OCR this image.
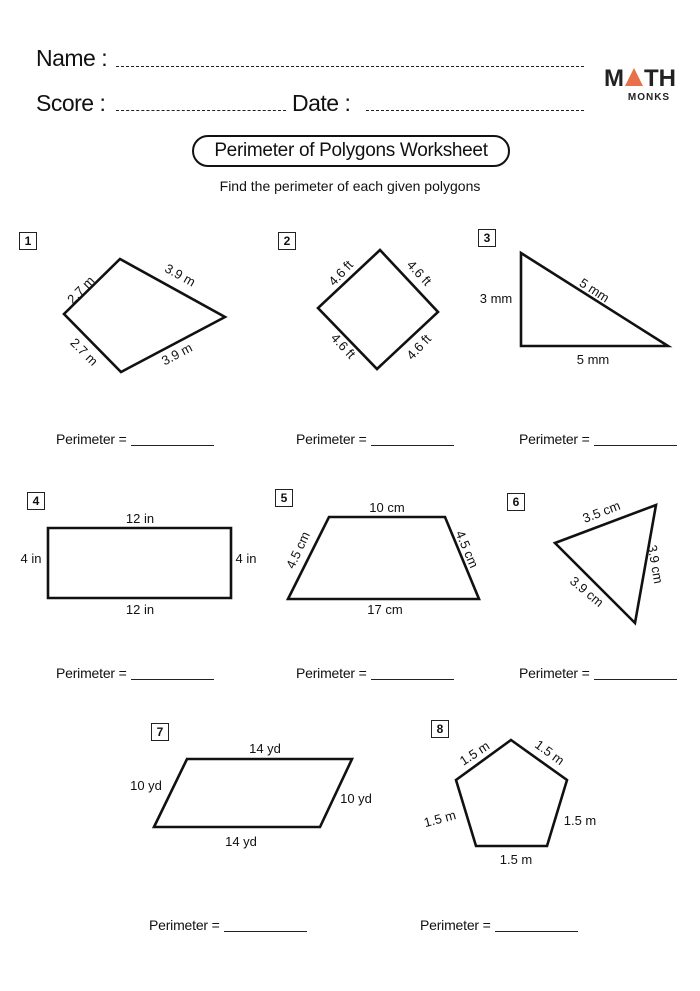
Name :
Score :	Date :
M TH
MONKS
Perimeter of Polygons Worksheet
Find the perimeter of each given polygons
1	2	3
4	5	6
7	8
2.7 m	3.9 m
2.7 m	3.9 m
4.6 ft	4.6 ft
4.6 ft	4.6 ft
3 mm	5 mm
5 mm
12 in
4 in	4 in
12 in
10 cm
4.5 cm	4.5 cm
17 cm
3.5 cm
3.9 cm
3.9 cm
14 yd
10 yd
10 yd
14 yd
1.5 m	1.5 m
1.5 m	1.5 m
1.5 m
Perimeter =	Perimeter =	Perimeter =
Perimeter =	Perimeter =	Perimeter =
Perimeter =	Perimeter =
